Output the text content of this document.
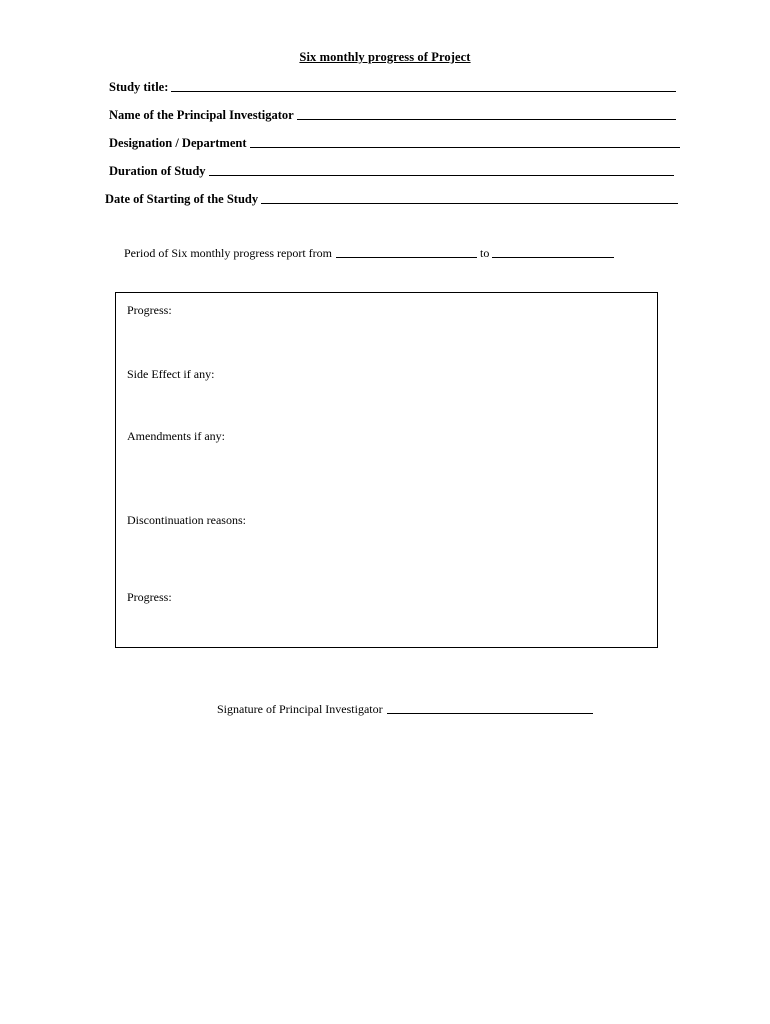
Six monthly progress of Project
Study title:
Name of the Principal Investigator
Designation / Department
Duration of Study
Date of Starting of the Study
Period of Six monthly progress report from	to
Progress:
Side Effect if any:
Amendments if any:
Discontinuation reasons:
Progress:
Signature of Principal Investigator
